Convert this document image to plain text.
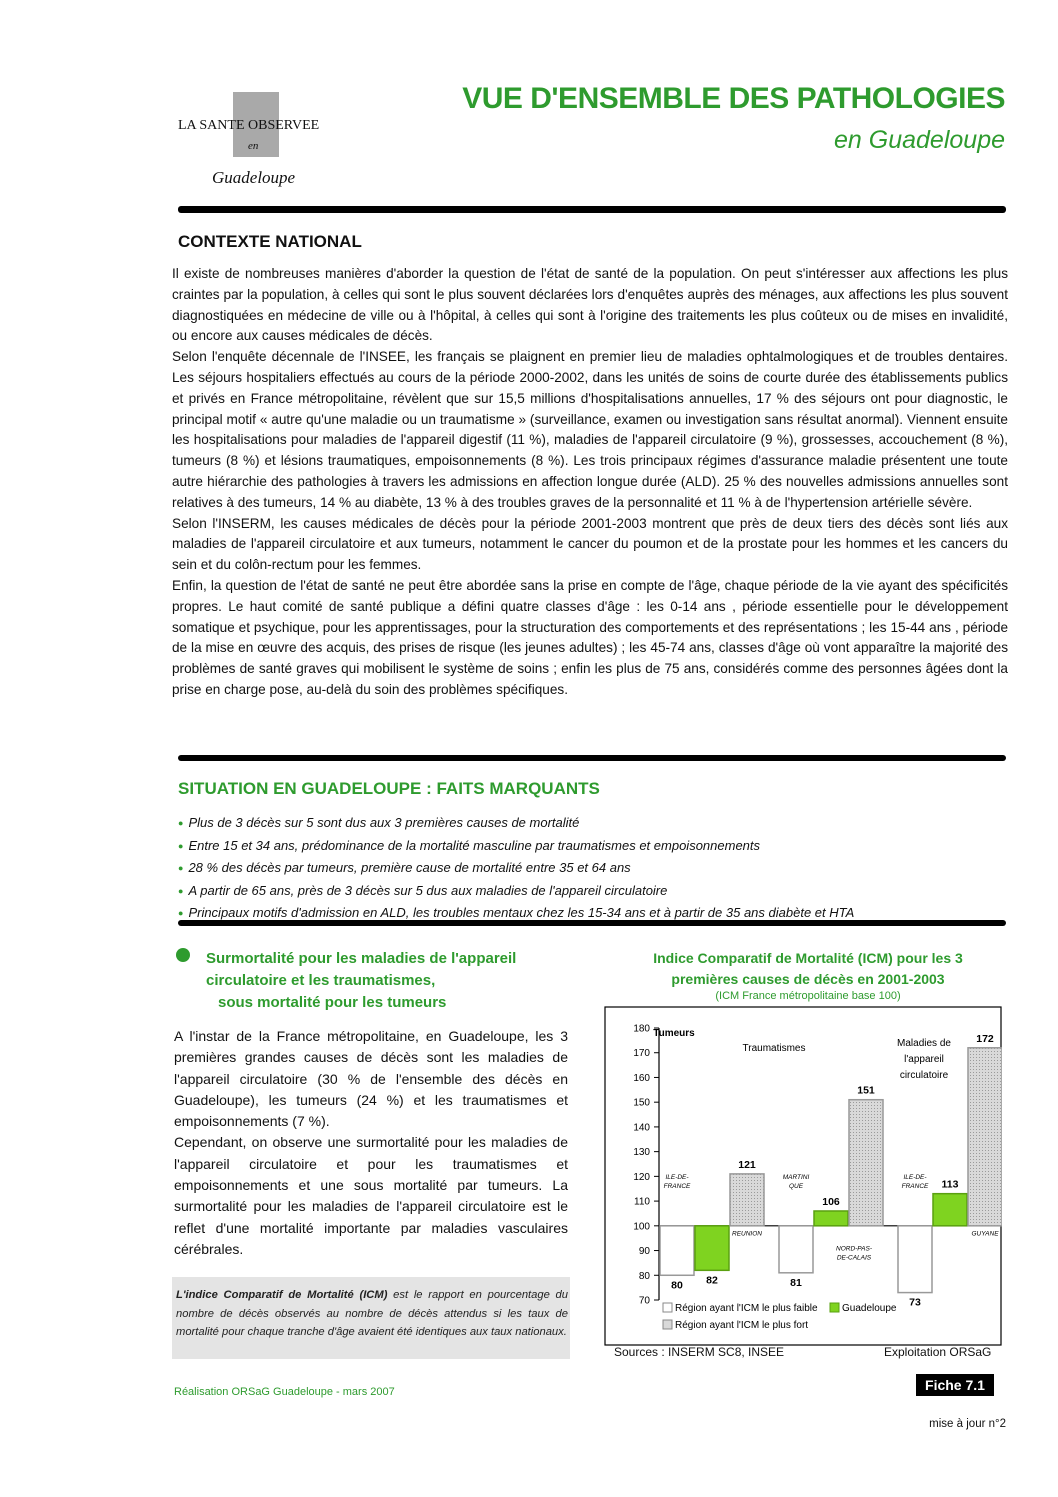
LA SANTE OBSERVEE
en
Guadeloupe
VUE D'ENSEMBLE DES PATHOLOGIES
en Guadeloupe
CONTEXTE NATIONAL

Il existe de nombreuses manières d'aborder la question de l'état de santé de la population. On peut s'intéresser aux affections les plus craintes par la population, à celles qui sont le plus souvent déclarées lors d'enquêtes auprès des ménages, aux affections les plus souvent diagnostiquées en médecine de ville ou à l'hôpital, à celles qui sont à l'origine des traitements les plus coûteux ou de mises en invalidité, ou encore aux causes médicales de décès.

Selon l'enquête décennale de l'INSEE, les français se plaignent en premier lieu de maladies ophtalmologiques et de troubles dentaires. Les séjours hospitaliers effectués au cours de la période 2000-2002, dans les unités de soins de courte durée des établissements publics et privés en France métropolitaine, révèlent que sur 15,5 millions d'hospitalisations annuelles, 17 % des séjours ont pour diagnostic, le principal motif « autre qu'une maladie ou un traumatisme » (surveillance, examen ou investigation sans résultat anormal). Viennent ensuite les hospitalisations pour maladies de l'appareil digestif (11 %), maladies de l'appareil circulatoire (9 %), grossesses, accouchement (8 %), tumeurs (8 %) et lésions traumatiques, empoisonnements (8 %). Les trois principaux régimes d'assurance maladie présentent une toute autre hiérarchie des pathologies à travers les admissions en affection longue durée (ALD). 25 % des nouvelles admissions annuelles sont relatives à des tumeurs, 14 % au diabète, 13 % à des troubles graves de la personnalité et 11 % à de l'hypertension artérielle sévère.

Selon l'INSERM, les causes médicales de décès pour la période 2001-2003 montrent que près de deux tiers des décès sont liés aux maladies de l'appareil circulatoire et aux tumeurs, notamment le cancer du poumon et de la prostate pour les hommes et les cancers du sein et du colôn-rectum pour les femmes.

Enfin, la question de l'état de santé ne peut être abordée sans la prise en compte de l'âge, chaque période de la vie ayant des spécificités propres. Le haut comité de santé publique a défini quatre classes d'âge : les 0-14 ans , période essentielle pour le développement somatique et psychique, pour les apprentissages, pour la structuration des comportements et des représentations ; les 15-44 ans , période de la mise en œuvre des acquis, des prises de risque (les jeunes adultes) ; les 45-74 ans, classes d'âge où vont apparaître la majorité des problèmes de santé graves qui mobilisent le système de soins ; enfin les plus de 75 ans, considérés comme des personnes âgées dont la prise en charge pose, au-delà du soin des problèmes spécifiques.

SITUATION EN GUADELOUPE : FAITS MARQUANTS
● Plus de 3 décès sur 5 sont dus aux 3 premières causes de mortalité
● Entre 15 et 34 ans, prédominance de la mortalité masculine par traumatismes et empoisonnements
● 28 % des décès par tumeurs, première cause de mortalité entre 35 et 64 ans
● A partir de 65 ans, près de 3 décès sur 5 dus aux maladies de l'appareil circulatoire
● Principaux motifs d'admission en ALD, les troubles mentaux chez les 15-34 ans et à partir de 35 ans diabète et HTA
Surmortalité pour les maladies de l'appareil
circulatoire et les traumatismes,
sous mortalité pour les tumeurs

A l'instar de la France métropolitaine, en Guadeloupe, les 3 premières grandes causes de décès sont les maladies de l'appareil circulatoire (30 % de l'ensemble des décès en Guadeloupe), les tumeurs (24 %) et les traumatismes et empoisonnements (7 %).

Cependant, on observe une surmortalité pour les maladies de l'appareil circulatoire et pour les traumatismes et empoisonnements et une sous mortalité par tumeurs. La surmortalité pour les maladies de l'appareil circulatoire est le reflet d'une mortalité importante par maladies vasculaires cérébrales.

L'indice Comparatif de Mortalité (ICM) est le rapport en pourcentage du nombre de décès observés au nombre de décès attendus si les taux de mortalité pour chaque tranche d'âge avaient été identiques aux taux nationaux.
Réalisation ORSaG Guadeloupe - mars 2007
Indice Comparatif de Mortalité (ICM) pour les 3
premières causes de décès en 2001-2003
(ICM France métropolitaine base 100)
70
80
90
100
110
120
130
140
150
160
170
180 Tumeurs
80
ILE-DE-
FRANCE
82
121
REUNION
Traumatismes
81
MARTINI
QUE
106
151
NORD-PAS-
DE-CALAIS
Maladies de
l'appareil
circulatoire
73
ILE-DE-
FRANCE 113
172
GUYANE
Région ayant l'ICM le plus faible Guadeloupe
Région ayant l'ICM le plus fort
Sources : INSERM SC8, INSEE	Exploitation ORSaG
Fiche 7.1
mise à jour n°2
